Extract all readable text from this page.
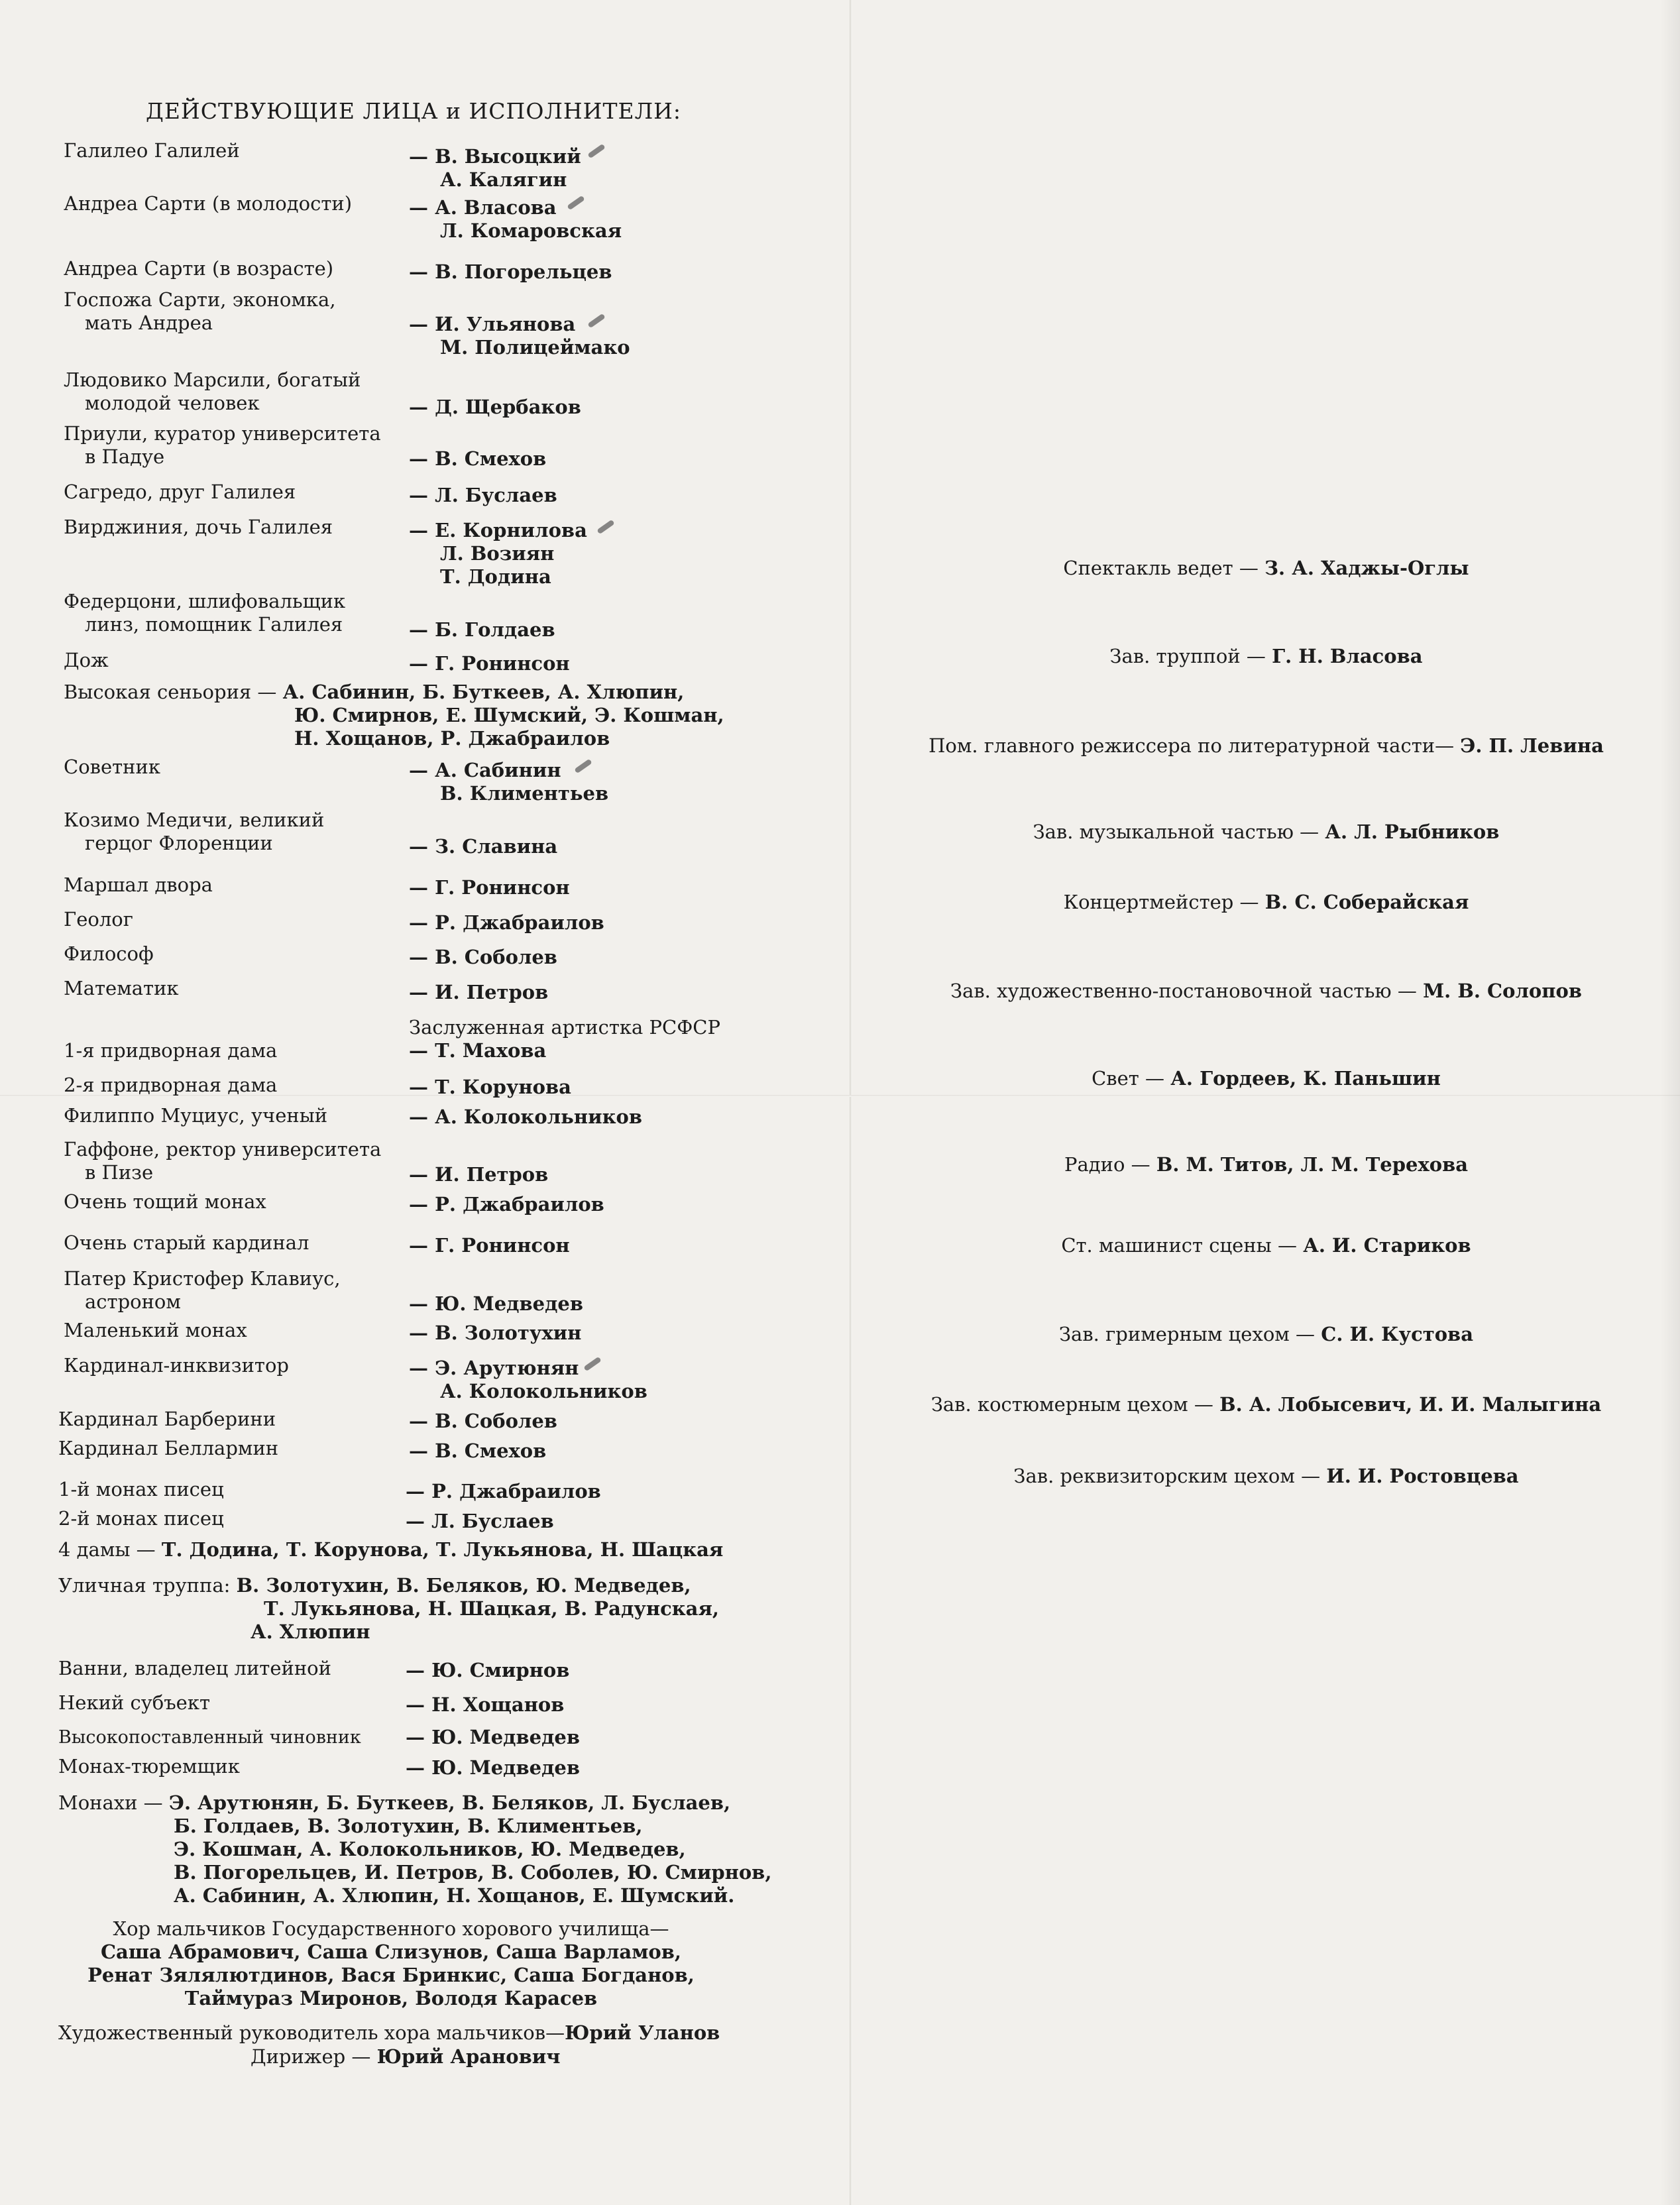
ДЕЙСТВУЮЩИЕ ЛИЦА и ИСПОЛНИТЕЛИ:
Галилео Галилей	— В. Высоцкий
А. Калягин
Андреа Сарти (в молодости)	— А. Власова
Л. Комаровская
Андреа Сарти (в возрасте)	— В. Погорельцев
Госпожа Сарти, экономка,
мать Андреа	— И. Ульянова
М. Полицеймако
Людовико Марсили, богатый
молодой человек	— Д. Щербаков
Приули, куратор университета
в Падуе	— В. Смехов
Сагредо, друг Галилея	— Л. Буслаев
Вирджиния, дочь Галилея	— Е. Корнилова
Л. Возиян
Т. Додина
Федерцони, шлифовальщик
линз, помощник Галилея	— Б. Голдаев
Дож	— Г. Ронинсон
Высокая сеньория — А. Сабинин, Б. Буткеев, А. Хлюпин,
Ю. Смирнов, Е. Шумский, Э. Кошман,
Н. Хощанов, Р. Джабраилов
Советник	— А. Сабинин
В. Климентьев
Козимо Медичи, великий
герцог Флоренции	— З. Славина
Маршал двора	— Г. Ронинсон
Геолог	— Р. Джабраилов
Философ	— В. Соболев
Математик	— И. Петров
Заслуженная артистка РСФСР
1-я придворная дама	— Т. Махова
2-я придворная дама	— Т. Корунова
Филиппо Муциус, ученый	— А. Колокольников
Гаффоне, ректор университета
в Пизе	— И. Петров
Очень тощий монах	— Р. Джабраилов
Очень старый кардинал	— Г. Ронинсон
Патер Кристофер Клавиус,
астроном	— Ю. Медведев
Маленький монах	— В. Золотухин
Кардинал-инквизитор	— Э. Арутюнян
А. Колокольников
Кардинал Барберини	— В. Соболев
Кардинал Беллармин	— В. Смехов
1-й монах писец	— Р. Джабраилов
2-й монах писец	— Л. Буслаев
4 дамы — Т. Додина, Т. Корунова, Т. Лукьянова, Н. Шацкая
Уличная труппа: В. Золотухин, В. Беляков, Ю. Медведев,
Т. Лукьянова, Н. Шацкая, В. Радунская,
А. Хлюпин
Ванни, владелец литейной	— Ю. Смирнов
Некий субъект	— Н. Хощанов
Высокопоставленный чиновник — Ю. Медведев
Монах-тюремщик	— Ю. Медведев
Монахи — Э. Арутюнян, Б. Буткеев, В. Беляков, Л. Буслаев,
Б. Голдаев, В. Золотухин, В. Климентьев,
Э. Кошман, А. Колокольников, Ю. Медведев,
В. Погорельцев, И. Петров, В. Соболев, Ю. Смирнов,
А. Сабинин, А. Хлюпин, Н. Хощанов, Е. Шумский.
Хор мальчиков Государственного хорового училища—
Саша Абрамович, Саша Слизунов, Саша Варламов,
Ренат Зялялютдинов, Вася Бринкис, Саша Богданов,
Таймураз Миронов, Володя Карасев
Художественный руководитель хора мальчиков—Юрий Уланов
Дирижер — Юрий Аранович
Спектакль ведет — З. А. Хаджы-Оглы
Зав. труппой — Г. Н. Власова
Пом. главного режиссера по литературной части— Э. П. Левина
Зав. музыкальной частью — А. Л. Рыбников
Концертмейстер — В. С. Соберайская
Зав. художественно-постановочной частью — М. В. Солопов
Свет — А. Гордеев, К. Паньшин
Радио — В. М. Титов, Л. М. Терехова
Ст. машинист сцены — А. И. Стариков
Зав. гримерным цехом — С. И. Кустова
Зав. костюмерным цехом — В. А. Лобысевич, И. И. Малыгина
Зав. реквизиторским цехом — И. И. Ростовцева
